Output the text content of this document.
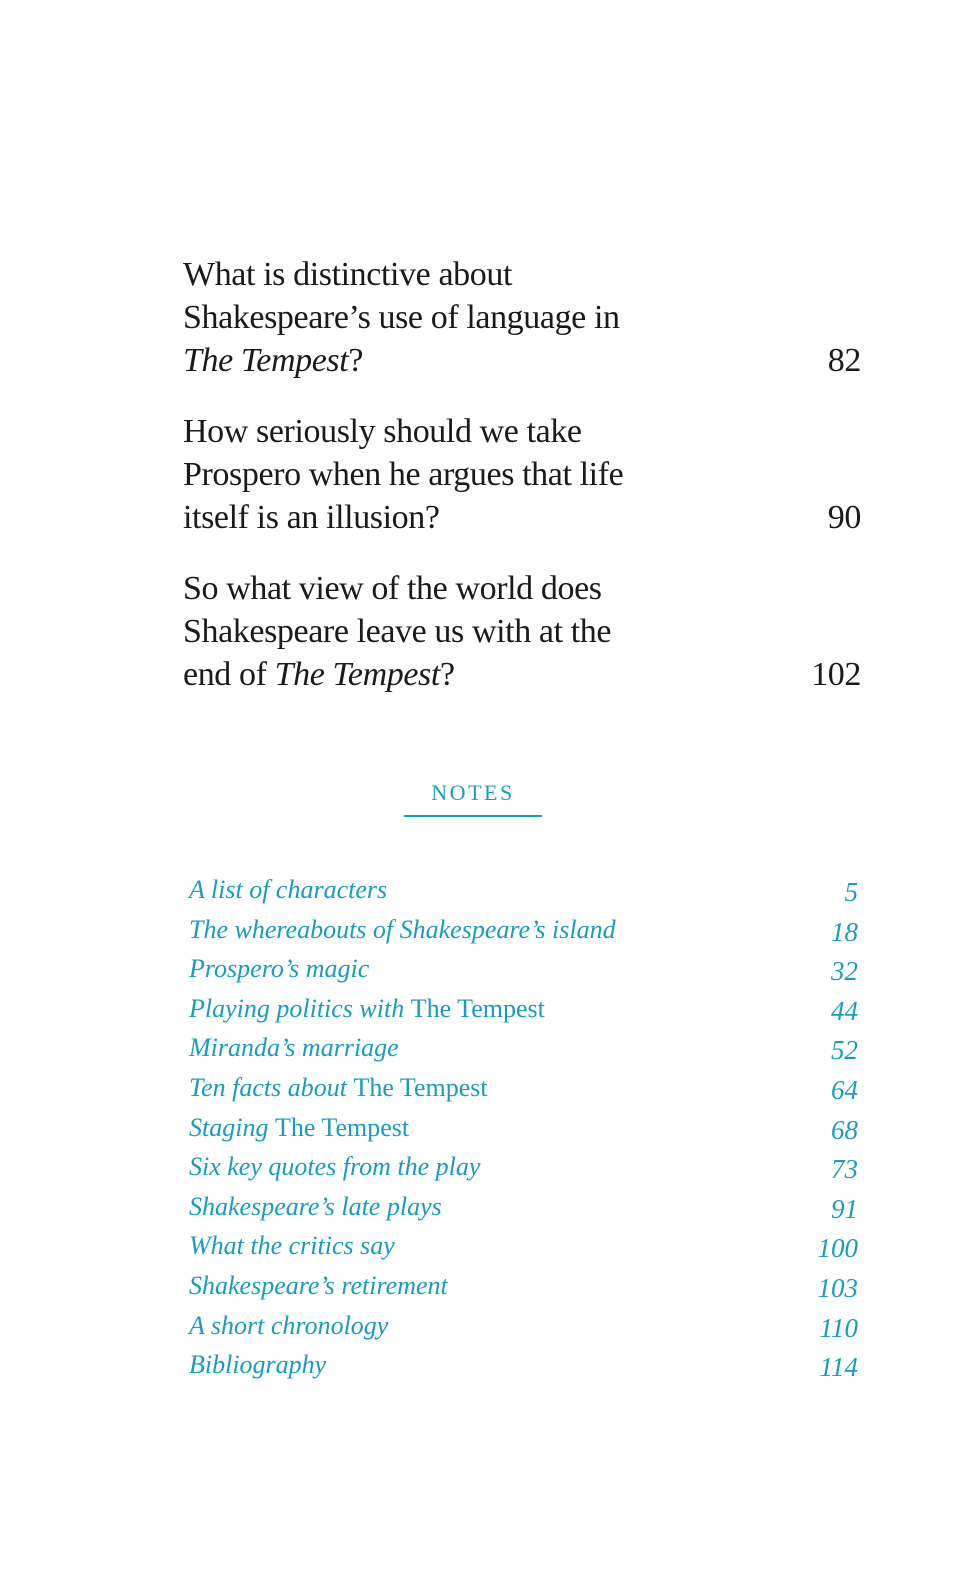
What is distinctive about
Shakespeare’s use of language in
The Tempest?	82
How seriously should we take
Prospero when he argues that life
itself is an illusion?	90
So what view of the world does
Shakespeare leave us with at the
end of The Tempest?	102
NOTES
A list of characters	5
The whereabouts of Shakespeare’s island	18
Prospero’s magic	32
Playing politics with The Tempest	44
Miranda’s marriage	52
Ten facts about The Tempest	64
Staging The Tempest	68
Six key quotes from the play	73
Shakespeare’s late plays	91
What the critics say	100
Shakespeare’s retirement	103
A short chronology	110
Bibliography	114
